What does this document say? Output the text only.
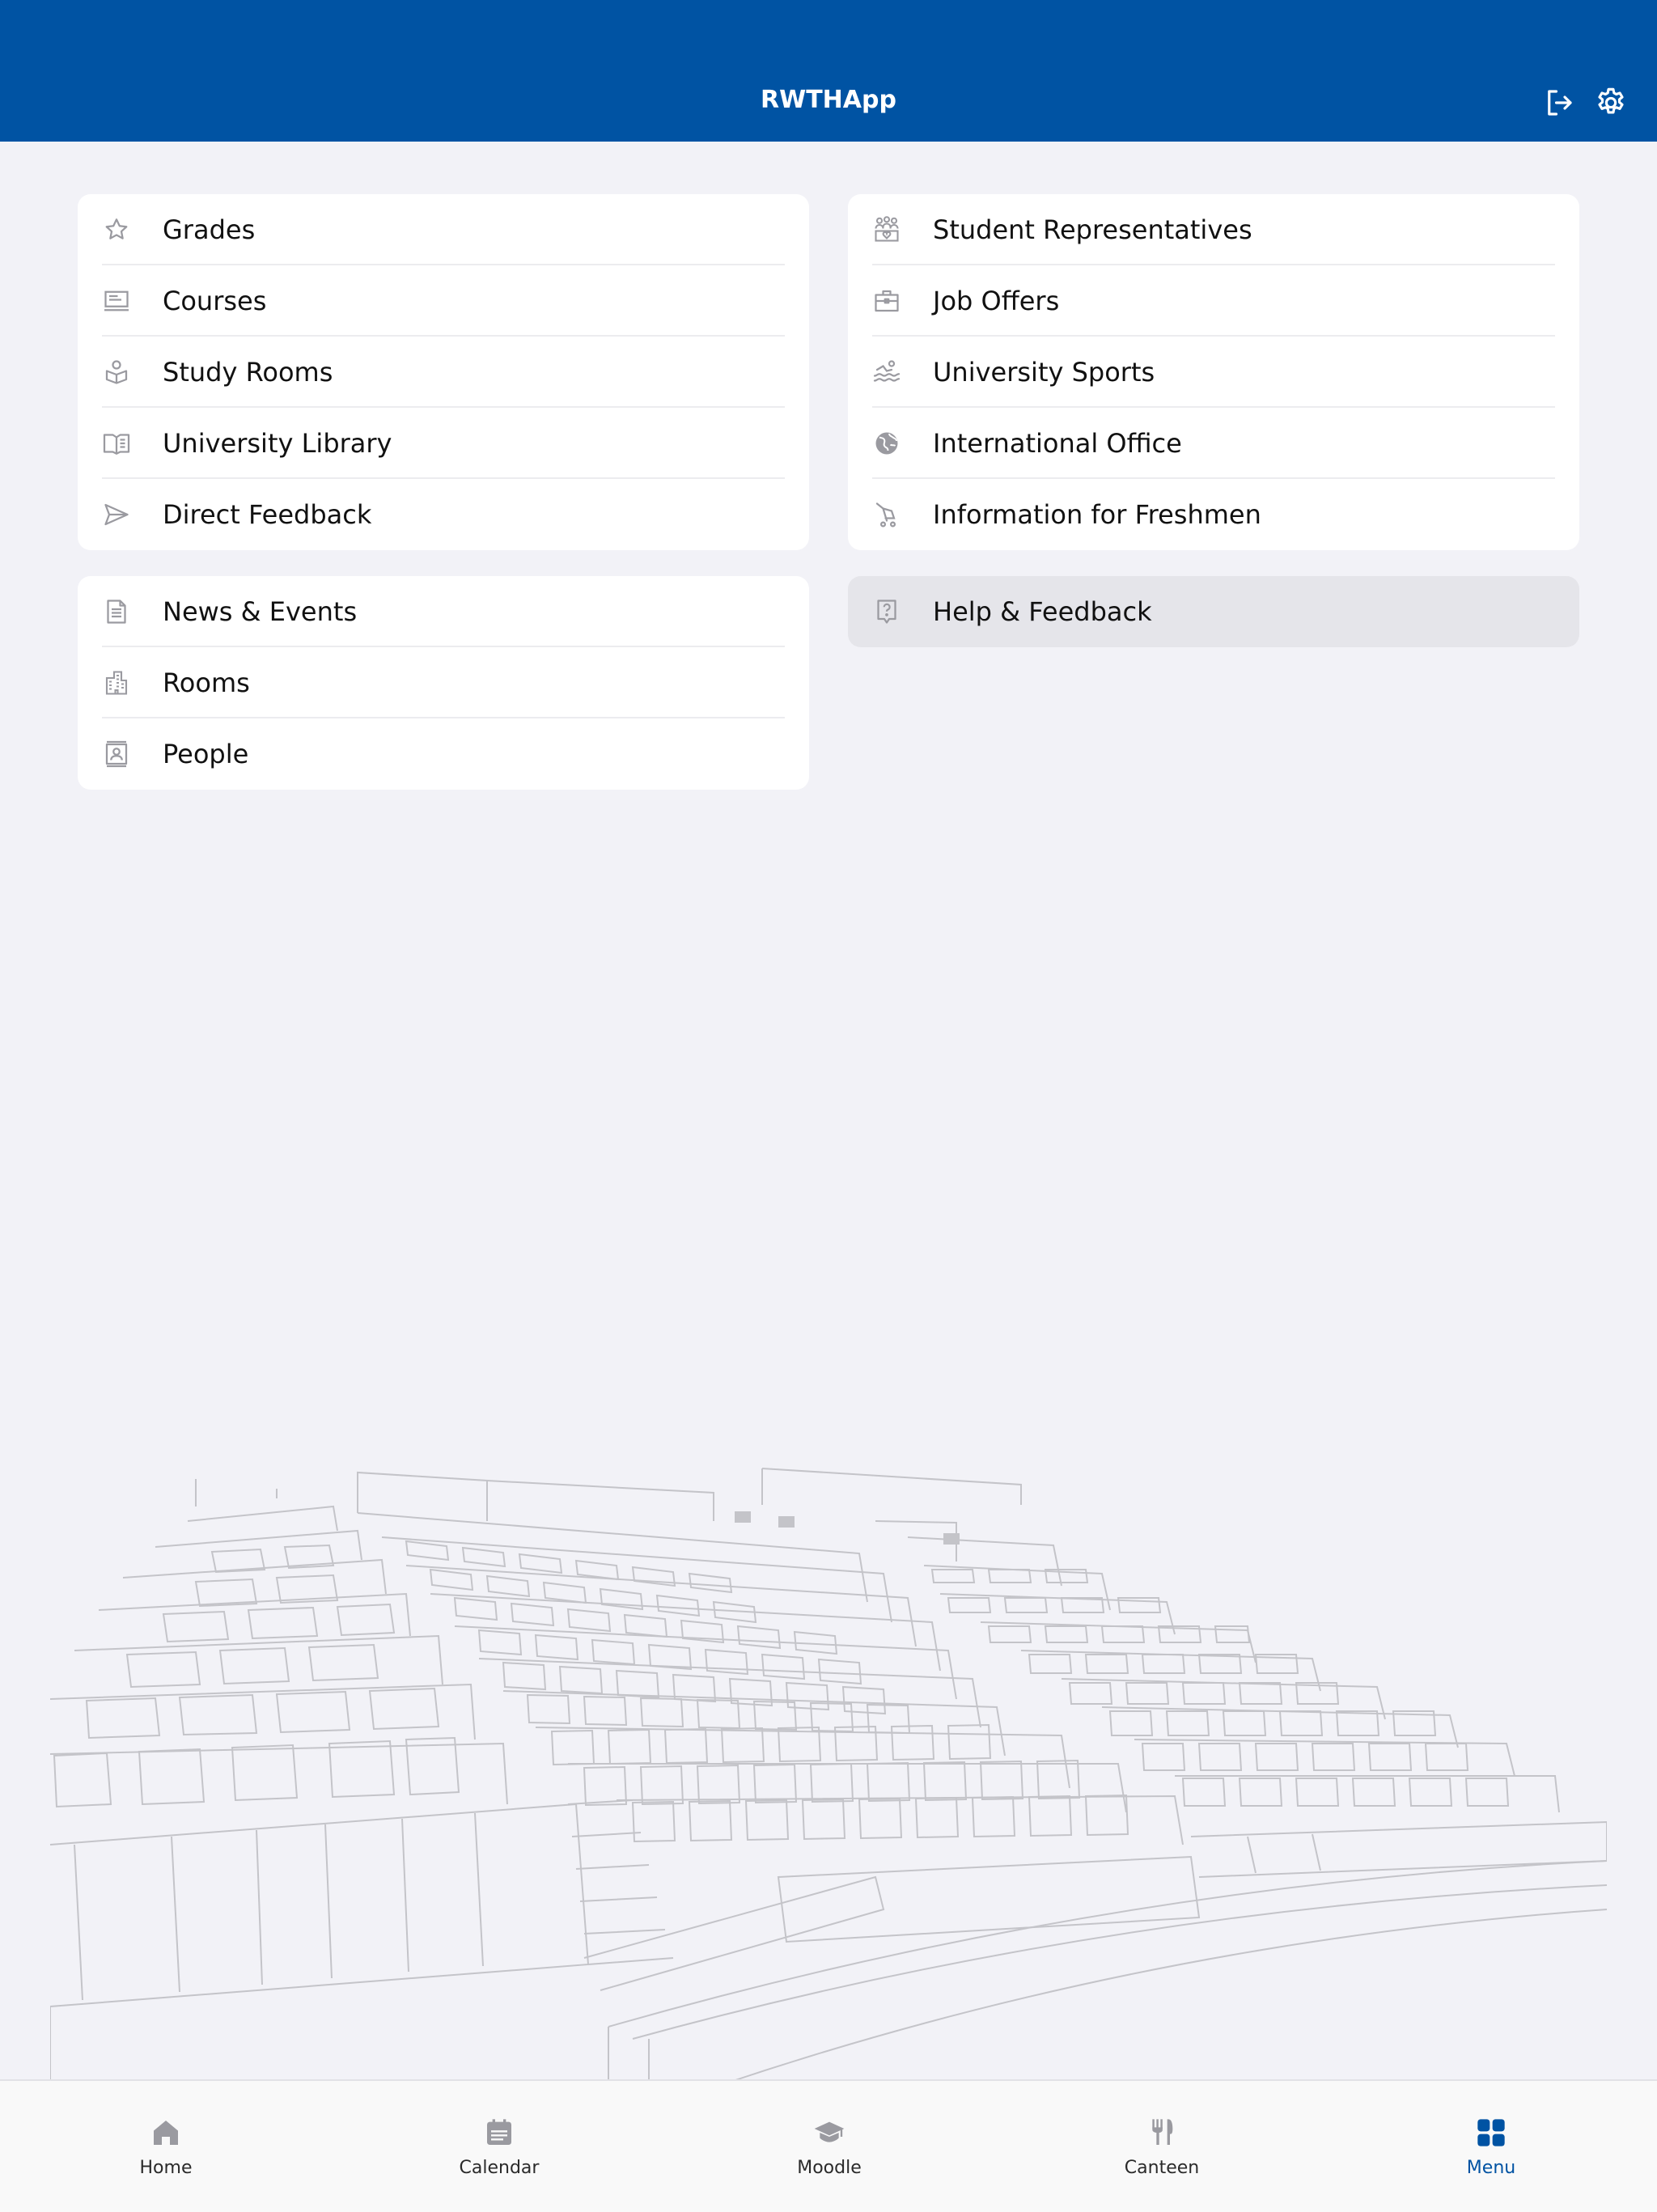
RWTHApp
Grades
Courses
Study Rooms
University Library
Direct Feedback
Student Representatives
Job Offers
University Sports
International Office
Information for Freshmen
News & Events
Rooms
People
Help & Feedback
Home	Calendar	Moodle	Canteen	Menu
